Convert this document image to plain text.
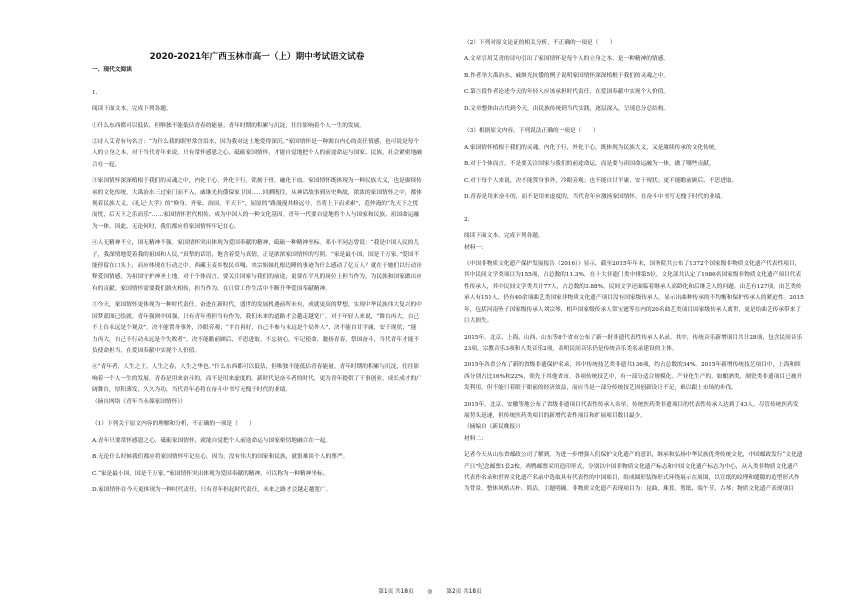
2020-2021年广西玉林市高一（上）期中考试语文试卷

一、现代文阅读

1.

阅读下面文本，完成下列各题。

①什么东西都可以低估，但唯独不能低估青春的能量；青年时期的积累与沉淀，往往影响着个人一生的发展。

②诗人艾青有句名言：“为什么我的眼里常含泪水，因为我对这土地爱得深沉。”家国情怀是一种源自内心的责任情感，也可说是每个人的立身之本。对于当代青年来说，只有常怀感恩之心、砥砺家国情怀，才能自觉地把个人的前途命运与国家、民族、社会紧密地融合在一起。

③家国情怀深深植根于我们的灵魂之中，内化于心，外化于行，铭刻于骨，融化于血。家国情怀既体现为一种民族大义，也是赓续传承的文化传统。大禹治水三过家门而不入，戚继光抗倭保家卫国……回溯既往，从神话故事到历史典故，浓浓的家国情怀之中，都体现着民族大义。《礼记·大学》的“修身、齐家、治国、平天下”，屈原的“路漫漫其修远兮，吾将上下而求索”，范仲淹的“先天下之忧而忧，后天下之乐而乐”……家国情怀世代相传，成为中国人的一种文化基因。青年一代要自觉地将个人与国家和民族、祖国命运融为一体。因此，无论何时，我们都应将家国情怀牢记在心。

④人无精神不立，国无精神不强。家国情怀突出体现为爱国奉献的精神，砥砺一种精神坐标。邓小平同志曾说：“我是中国人民的儿子，我深情地爱着我的祖国和人民。”真挚的话语，饱含着爱与真情，正是浓浓家国情怀的写照。“家是最小国，国是千万家。”爱国不能停留在口头上，而应体现在行动之中。西藏玉麦乡牧民卓嘎、央宗姐妹扎根边陲的事迹为什么感动了亿万人？就在于她们以行动诠释爱国情感，为祖国守护神圣土地。对于个体而言，要关注国家与我们的前途，更要在平凡的岗位上担当作为，为民族和国家做出应有的贡献。家国情怀需要我们薪火相传，担当作为。在日常工作生活中不断升华爱国奉献精神。

⑤今天，家国情怀更体现为一种时代责任。奋进在新时代，盛世的发展机遇前所未有，成就更高的梦想，实现中华民族伟大复兴的中国梦蓝图已绘就。青年强则中国强，只有青年勇担当有作为，我们未来的道路才会越走越宽广。对于年轻人来说，“舞台再大，自己不上台永远是个观众”，决不能置身事外，冷眼旁观；“平台再好，自己不参与永远是个局外人”，决不能自甘平庸，安于现状；“能力再大，自己不行动永远是个失败者”，决不能瞻前顾后、不思进取。不忘初心，牢记使命，激扬青春，祭国奋斗，当代青年才能不负使命担当，在爱国奉献中实现个人价值。

⑥“青年者，人生之王，人生之春，人生之华也。”什么东西都可以低估，但唯独不能低估青春能量。青年时期的积累与沉淀，往往影响着一个人一生的发展。青春是用来奋斗的，而不是用来虚度的。新时代是奋斗者的时代，更为青年提供了干事创业、成长成才的广阔舞台，厚积薄发、久久为功，当代青年必将在奋斗中书写无愧于时代的业绩。

（摘自网络《青年当永葆家国情怀》）

（1）下列关于原文内容的理解和分析，不正确的一项是（　　）

A.青年只要常怀感恩之心，砥砺家国情怀，就能自觉把个人前途命运与国家密切地融合在一起。

B.无论什么时候我们都应将家国情怀牢记在心，因为，没有伟大的国家和民族，就很难谈个人的尊严。

C.“家是最小国，国是千万家。”家国情怀突出体现为爱国奉献的精神，可以称为一种精神坐标。

D.家国情怀在今天更体现为一种时代责任，只有青年担起时代责任，未来之路才会越走越宽广。

（2）下列对原文论证的相关分析，不正确的一项是（　　）

A.文章引用艾青的诗句引出了家国情怀是每个人的立身之本，是一种精神的情感。

B.作者举大禹治水、戚继光抗倭的例子说明家国情怀深深植根于我们的灵魂之中。

C.第⑤段作者论述今天的年轻人应该承担时代责任，在爱国奉献中实现个人价值。

D.文章整体由古代到今天，由民族传统到当代实践，逐层深入，呈现总分总结构。

（3）根据原文内容，下列说法正确的一项是（　　）

A.家国情怀植根于我们的灵魂，内化于行，外化于心，既体现为民族大义，又是赓续传承的文化传统。

B.对于个体而言，不是要关注国家与我们的前途命运，而是要与祖国命运融为一体，做了哪些贡献。

C.对于每个人来说，决不能置身事外，冷眼旁观；也不能自甘平庸、安于现状；更不能瞻前顾后、不思进取。

D.青春是用来奋斗的，而不是用来虚度的，当代青年应激扬家国情怀，在奋斗中书写无愧于时代的业绩。

2.

阅读下面文本，完成下列各题。

材料一：

《中国非物质文化遗产保护发展报告（2016）》显示，截至2015年年末，国务院共公布了1372个国家级非物质文化遗产代表性项目，其中民间文学类项目为155项，占总数的11.3%。在十大非遗门类中排第5位。文化部共认定了1986名国家级非物质文化遗产项目代表性传承人，其中民间文学类共计77人，占总数的3.88%。民间文学还面临着继承人高龄化和后继乏人的问题。由艺有127项，由艺类传承人有151人，仍有40余项曲艺类国家非物质文化遗产项目没有国家级传承人。显示出曲种传承的不均衡和保护传承人的紧迫性。2015年，包括河南坠子国家级传承人刘宗琴、相声国家级传承人常宝霆等在内的20名曲艺类项目国家级传承人离世，更是给曲艺传承带来了巨大损失。

2015年，北京、上海、山西、山东等8个省市公布了新一批非遗代表性传承人名录。其中，传统音乐新增项目共计28项，包含民间音乐23项、宗教音乐3项和人类音乐2项，表明民间音乐仍是传统音乐类名录建设的主体。

2015年各省公布了新的省级非遗保护名录，其中传统技艺类非遗共136项，约占总数的34%。2015年新增传统技艺项目中，上海和陕西分别占比16%和22%，领先于其他省市。各项传统技艺中，有一部分适合规模化、产业化生产的，如酿酒类、制瓷类非遗项目已被开发利用，但不能只着眼于眼前的经济效益，而应当是一部分传统技艺因创新设计不足，难以跟上市场的步伐。

2015年，北京、安徽等地公布了省级非遗项目代表性传承人名单，传统医药类非遗项目的代表性传承人达到了43人。尽管传统医药发展势头迅速，但传统医药类项目的新增代表性项目和扩展项目数目最少。

（摘编自《新民晚报》）

材料二：

记者今天从山东省邮政公司了解到，为进一步增强人们保护文化遗产的意识，继承和弘扬中华民族优秀传统文化，中国邮政发行“文化遗产日”纪念邮票1套2枚。鸡鸭邮票采用造印形式，分别以中国非物质文化遗产标志和中国文化遗产标志为中心，从入类非物质文化遗产代表作名录和世界文化遗产名录中选取具有代表性的中国项目，组成圆形装饰形式环绕展示在周围，以宣纸的纹理和缝隙的造型形式作为背景。整体风格古朴、简洁，主题明确。非物质文化遗产表现项目为：昆曲、珠算、剪纸、端午节、古琴；物质文化遗产表现项目

第1页 共18页 ◎ 第2页 共18页
